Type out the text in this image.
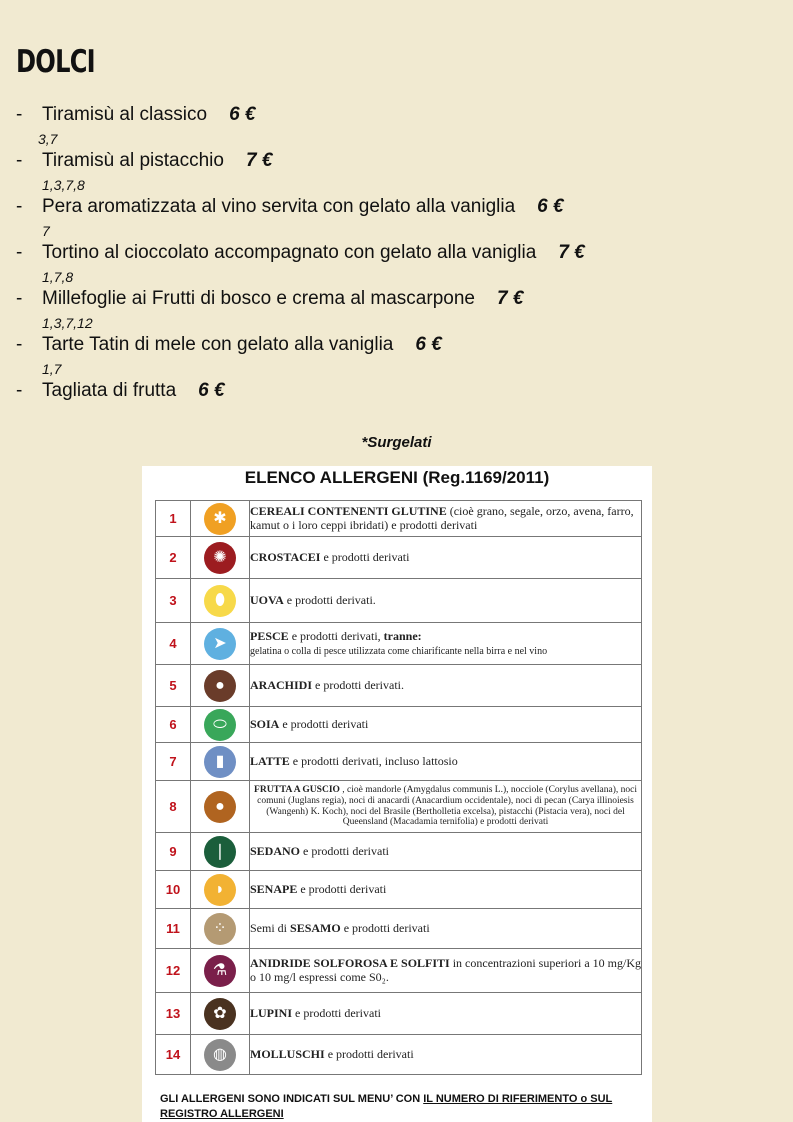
DOLCI
- Tiramisù al classico 6 €
3,7
- Tiramisù al pistacchio 7 €
1,3,7,8
- Pera aromatizzata al vino servita con gelato alla vaniglia 6 €
7
- Tortino al cioccolato accompagnato con gelato alla vaniglia 7 €
1,7,8
- Millefoglie ai Frutti di bosco e crema al mascarpone 7 €
1,3,7,12
- Tarte Tatin di mele con gelato alla vaniglia 6 €
1,7
- Tagliata di frutta 6 €
*Surgelati
ELENCO ALLERGENI (Reg.1169/2011)
1	✱	CEREALI CONTENENTI GLUTINE (cioè grano, segale, orzo, avena, farro, kamut o i loro ceppi ibridati) e prodotti derivati
2	✺	CROSTACEI e prodotti derivati
3	⬮	UOVA e prodotti derivati.
4	➤	PESCE e prodotti derivati, tranne:
gelatina o colla di pesce utilizzata come chiarificante nella birra e nel vino
5	●	ARACHIDI e prodotti derivati.
6	⬭	SOIA e prodotti derivati
7	▮	LATTE e prodotti derivati, incluso lattosio
8	●	FRUTTA A GUSCIO , cioè mandorle (Amygdalus communis L.), nocciole (Corylus avellana), noci comuni (Juglans regia), noci di anacardi (Anacardium occidentale), noci di pecan (Carya illinoiesis (Wangenh) K. Koch), noci del Brasile (Bertholletia excelsa), pistacchi (Pistacia vera), noci del Queensland (Macadamia ternifolia) e prodotti derivati
9	❘	SEDANO e prodotti derivati
10	◗	SENAPE e prodotti derivati
11	⁘	Semi di SESAMO e prodotti derivati
12	⚗	ANIDRIDE SOLFOROSA E SOLFITI in concentrazioni superiori a 10 mg/Kg o 10 mg/l espressi come S0₂.
13	✿	LUPINI e prodotti derivati
14	◍	MOLLUSCHI e prodotti derivati
GLI ALLERGENI SONO INDICATI SUL MENU’ CON IL NUMERO DI RIFERIMENTO o SUL REGISTRO ALLERGENI
